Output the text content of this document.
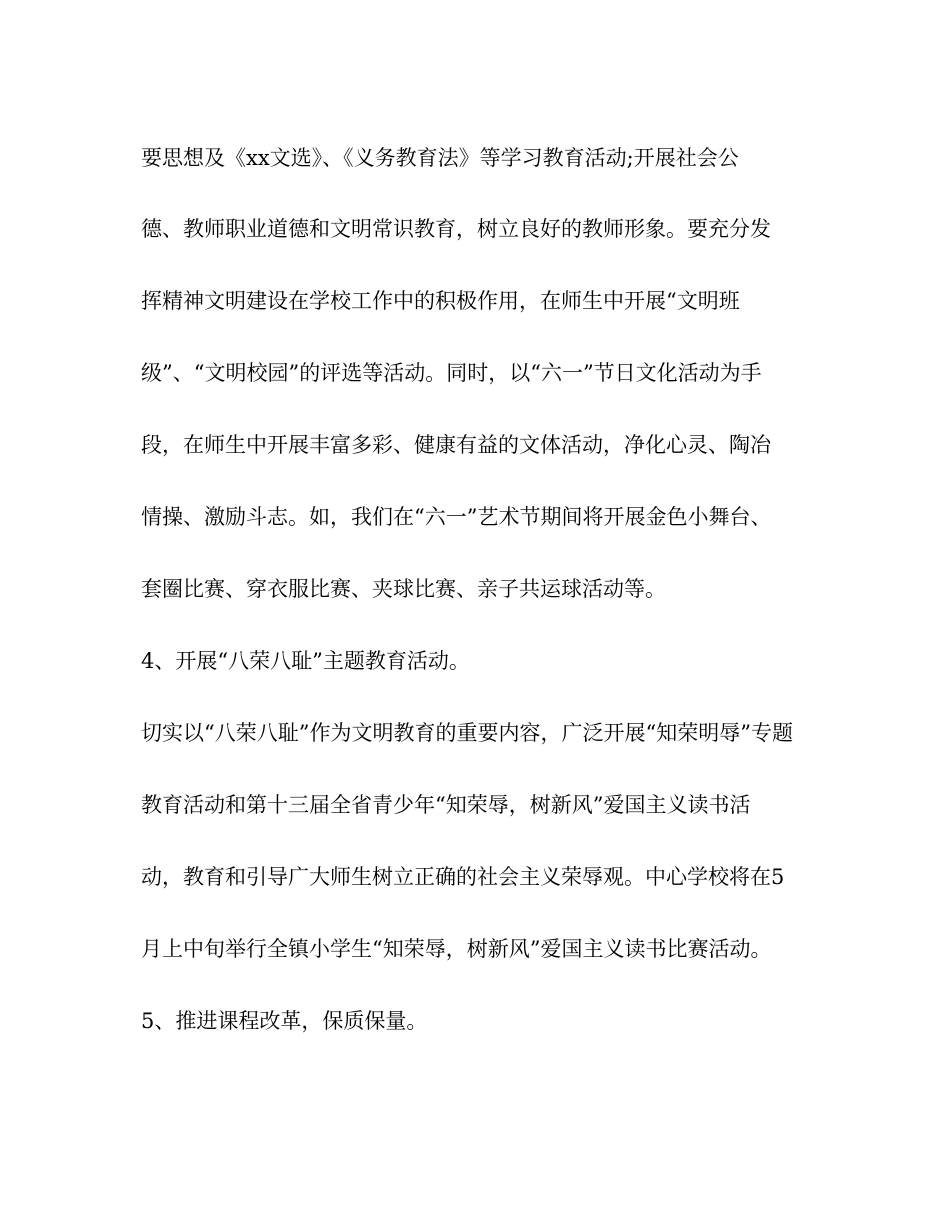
要思想及《xx文选》、《义务教育法》等学习教育活动;开展社会公
德、教师职业道德和文明常识教育，树立良好的教师形象。要充分发
挥精神文明建设在学校工作中的积极作用，在师生中开展“文明班
级”、“文明校园”的评选等活动。同时，以“六一”节日文化活动为手
段，在师生中开展丰富多彩、健康有益的文体活动，净化心灵、陶冶
情操、激励斗志。如，我们在“六一”艺术节期间将开展金色小舞台、
套圈比赛、穿衣服比赛、夹球比赛、亲子共运球活动等。
4、开展“八荣八耻”主题教育活动。
切实以“八荣八耻”作为文明教育的重要内容，广泛开展“知荣明辱”专题
教育活动和第十三届全省青少年“知荣辱，树新风”爱国主义读书活
动，教育和引导广大师生树立正确的社会主义荣辱观。中心学校将在5
月上中旬举行全镇小学生“知荣辱，树新风”爱国主义读书比赛活动。
5、推进课程改革，保质保量。
